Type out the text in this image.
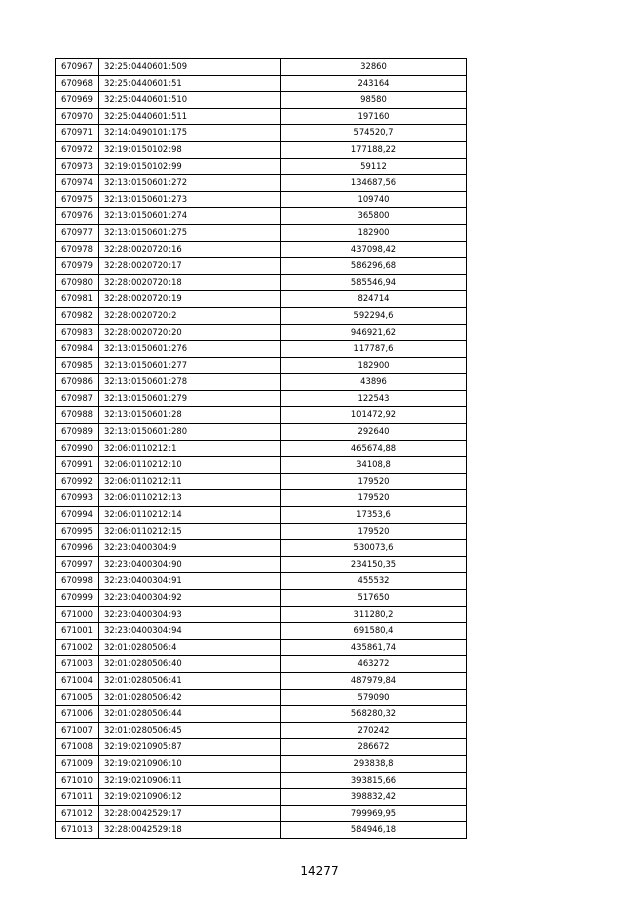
670967	32:25:0440601:509	32860
670968	32:25:0440601:51	243164
670969	32:25:0440601:510	98580
670970	32:25:0440601:511	197160
670971	32:14:0490101:175	574520,7
670972	32:19:0150102:98	177188,22
670973	32:19:0150102:99	59112
670974	32:13:0150601:272	134687,56
670975	32:13:0150601:273	109740
670976	32:13:0150601:274	365800
670977	32:13:0150601:275	182900
670978	32:28:0020720:16	437098,42
670979	32:28:0020720:17	586296,68
670980	32:28:0020720:18	585546,94
670981	32:28:0020720:19	824714
670982	32:28:0020720:2	592294,6
670983	32:28:0020720:20	946921,62
670984	32:13:0150601:276	117787,6
670985	32:13:0150601:277	182900
670986	32:13:0150601:278	43896
670987	32:13:0150601:279	122543
670988	32:13:0150601:28	101472,92
670989	32:13:0150601:280	292640
670990	32:06:0110212:1	465674,88
670991	32:06:0110212:10	34108,8
670992	32:06:0110212:11	179520
670993	32:06:0110212:13	179520
670994	32:06:0110212:14	17353,6
670995	32:06:0110212:15	179520
670996	32:23:0400304:9	530073,6
670997	32:23:0400304:90	234150,35
670998	32:23:0400304:91	455532
670999	32:23:0400304:92	517650
671000	32:23:0400304:93	311280,2
671001	32:23:0400304:94	691580,4
671002	32:01:0280506:4	435861,74
671003	32:01:0280506:40	463272
671004	32:01:0280506:41	487979,84
671005	32:01:0280506:42	579090
671006	32:01:0280506:44	568280,32
671007	32:01:0280506:45	270242
671008	32:19:0210905:87	286672
671009	32:19:0210906:10	293838,8
671010	32:19:0210906:11	393815,66
671011	32:19:0210906:12	398832,42
671012	32:28:0042529:17	799969,95
671013	32:28:0042529:18	584946,18
14277
